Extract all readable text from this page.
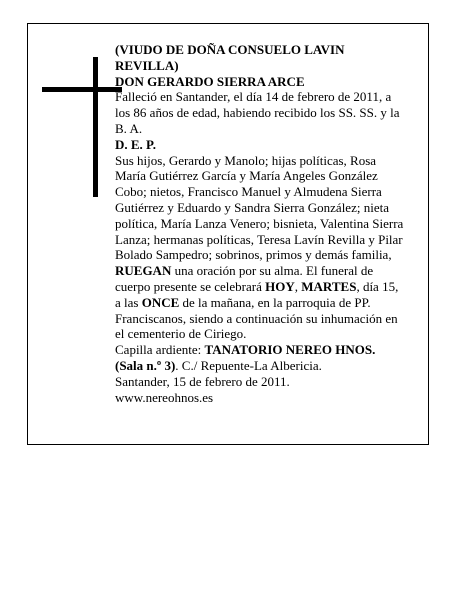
(VIUDO DE DOÑA CONSUELO LAVIN
REVILLA)
DON GERARDO SIERRA ARCE
Falleció en Santander, el día 14 de febrero de 2011, a
los 86 años de edad, habiendo recibido los SS. SS. y la
B. A.
D. E. P.
Sus hijos, Gerardo y Manolo; hijas políticas, Rosa
María Gutiérrez García y María Angeles González
Cobo; nietos, Francisco Manuel y Almudena Sierra
Gutiérrez y Eduardo y Sandra Sierra González; nieta
política, María Lanza Venero; bisnieta, Valentina Sierra
Lanza; hermanas políticas, Teresa Lavín Revilla y Pilar
Bolado Sampedro; sobrinos, primos y demás familia,
RUEGAN una oración por su alma. El funeral de
cuerpo presente se celebrará HOY, MARTES, día 15,
a las ONCE de la mañana, en la parroquia de PP.
Franciscanos, siendo a continuación su inhumación en
el cementerio de Ciriego.
Capilla ardiente: TANATORIO NEREO HNOS.
(Sala n.º 3). C./ Repuente-La Albericia.
Santander, 15 de febrero de 2011.
www.nereohnos.es
